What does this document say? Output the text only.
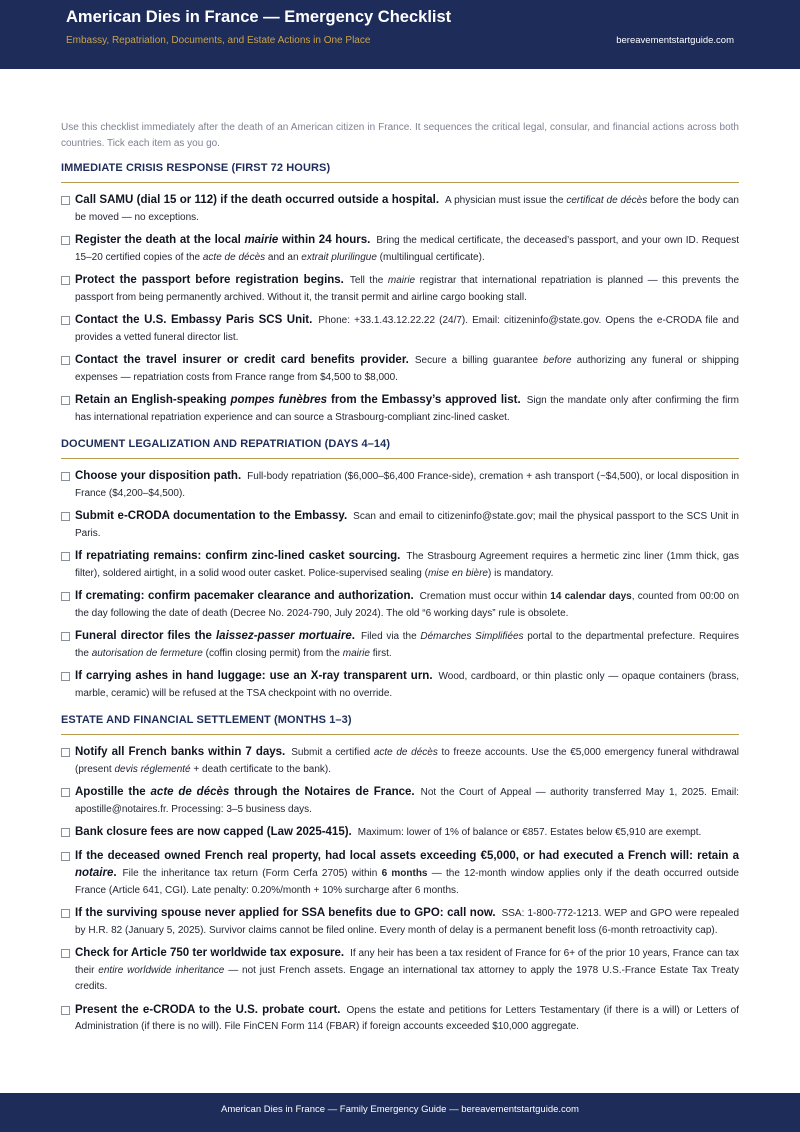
American Dies in France — Emergency Checklist
Embassy, Repatriation, Documents, and Estate Actions in One Place	bereavementstartguide.com

Use this checklist immediately after the death of an American citizen in France. It sequences the critical legal, consular, and financial actions across both countries. Tick each item as you go.

IMMEDIATE CRISIS RESPONSE (FIRST 72 HOURS)
Call SAMU (dial 15 or 112) if the death occurred outside a hospital. A physician must issue the certificat de décès before the body can be moved — no exceptions.
Register the death at the local mairie within 24 hours. Bring the medical certificate, the deceased’s passport, and your own ID. Request 15–20 certified copies of the acte de décès and an extrait plurilingue (multilingual certificate).
Protect the passport before registration begins. Tell the mairie registrar that international repatriation is planned — this prevents the passport from being permanently archived. Without it, the transit permit and airline cargo booking stall.
Contact the U.S. Embassy Paris SCS Unit. Phone: +33.1.43.12.22.22 (24/7). Email: citizeninfo@state.gov. Opens the e-CRODA file and provides a vetted funeral director list.
Contact the travel insurer or credit card benefits provider. Secure a billing guarantee before authorizing any funeral or shipping expenses — repatriation costs from France range from $4,500 to $8,000.
Retain an English-speaking pompes funèbres from the Embassy’s approved list. Sign the mandate only after confirming the firm has international repatriation experience and can source a Strasbourg-compliant zinc-lined casket.
DOCUMENT LEGALIZATION AND REPATRIATION (DAYS 4–14)
Choose your disposition path. Full-body repatriation ($6,000–$6,400 France-side), cremation + ash transport (~$4,500), or local disposition in France ($4,200–$4,500).
Submit e-CRODA documentation to the Embassy. Scan and email to citizeninfo@state.gov; mail the physical passport to the SCS Unit in Paris.
If repatriating remains: confirm zinc-lined casket sourcing. The Strasbourg Agreement requires a hermetic zinc liner (1mm thick, gas filter), soldered airtight, in a solid wood outer casket. Police-supervised sealing (mise en bière) is mandatory.
If cremating: confirm pacemaker clearance and authorization. Cremation must occur within 14 calendar days, counted from 00:00 on the day following the date of death (Decree No. 2024-790, July 2024). The old “6 working days” rule is obsolete.
Funeral director files the laissez-passer mortuaire. Filed via the Démarches Simplifiées portal to the departmental prefecture. Requires the autorisation de fermeture (coffin closing permit) from the mairie first.
If carrying ashes in hand luggage: use an X-ray transparent urn. Wood, cardboard, or thin plastic only — opaque containers (brass, marble, ceramic) will be refused at the TSA checkpoint with no override.
ESTATE AND FINANCIAL SETTLEMENT (MONTHS 1–3)
Notify all French banks within 7 days. Submit a certified acte de décès to freeze accounts. Use the €5,000 emergency funeral withdrawal (present devis réglementé + death certificate to the bank).
Apostille the acte de décès through the Notaires de France. Not the Court of Appeal — authority transferred May 1, 2025. Email: apostille@notaires.fr. Processing: 3–5 business days.
Bank closure fees are now capped (Law 2025-415). Maximum: lower of 1% of balance or €857. Estates below €5,910 are exempt.
If the deceased owned French real property, had local assets exceeding €5,000, or had executed a French will: retain a notaire. File the inheritance tax return (Form Cerfa 2705) within 6 months — the 12-month window applies only if the death occurred outside France (Article 641, CGI). Late penalty: 0.20%/month + 10% surcharge after 6 months.
If the surviving spouse never applied for SSA benefits due to GPO: call now. SSA: 1-800-772-1213. WEP and GPO were repealed by H.R. 82 (January 5, 2025). Survivor claims cannot be filed online. Every month of delay is a permanent benefit loss (6-month retroactivity cap).
Check for Article 750 ter worldwide tax exposure. If any heir has been a tax resident of France for 6+ of the prior 10 years, France can tax their entire worldwide inheritance — not just French assets. Engage an international tax attorney to apply the 1978 U.S.-France Estate Tax Treaty credits.
Present the e-CRODA to the U.S. probate court. Opens the estate and petitions for Letters Testamentary (if there is a will) or Letters of Administration (if there is no will). File FinCEN Form 114 (FBAR) if foreign accounts exceeded $10,000 aggregate.
American Dies in France — Family Emergency Guide — bereavementstartguide.com
